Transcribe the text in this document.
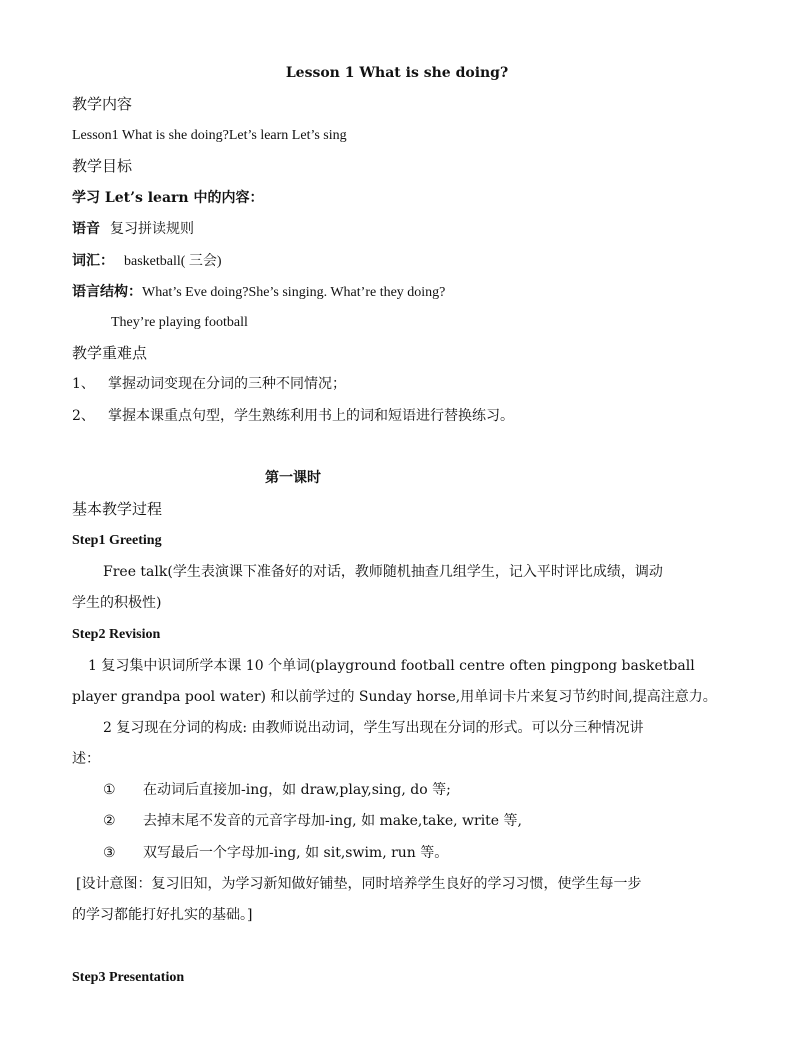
Lesson 1 What is she doing?
教学内容
Lesson1 What is she doing?Let’s learn Let’s sing
教学目标
学习 Let’s learn 中的内容：
语音 复习拼读规则
词汇： basketball( 三会)
语言结构：What’s Eve doing?She’s singing. What’re they doing?
They’re playing football
教学重难点
1、 掌握动词变现在分词的三种不同情况；
2、 掌握本课重点句型，学生熟练利用书上的词和短语进行替换练习。
第一课时
基本教学过程
Step1 Greeting
Free talk(学生表演课下准备好的对话，教师随机抽查几组学生，记入平时评比成绩，调动
学生的积极性)
Step2 Revision
1 复习集中识词所学本课 10 个单词(playground football centre often pingpong basketball
player grandpa pool water) 和以前学过的 Sunday horse,用单词卡片来复习节约时间,提高注意力。
2 复习现在分词的构成: 由教师说出动词，学生写出现在分词的形式。可以分三种情况讲
述：
① 在动词后直接加-ing，如 draw,play,sing, do 等;
② 去掉末尾不发音的元音字母加-ing, 如 make,take, write 等,
③ 双写最后一个字母加-ing, 如 sit,swim, run 等。
[设计意图：复习旧知，为学习新知做好铺垫，同时培养学生良好的学习习惯，使学生每一步
的学习都能打好扎实的基础。]
Step3 Presentation
